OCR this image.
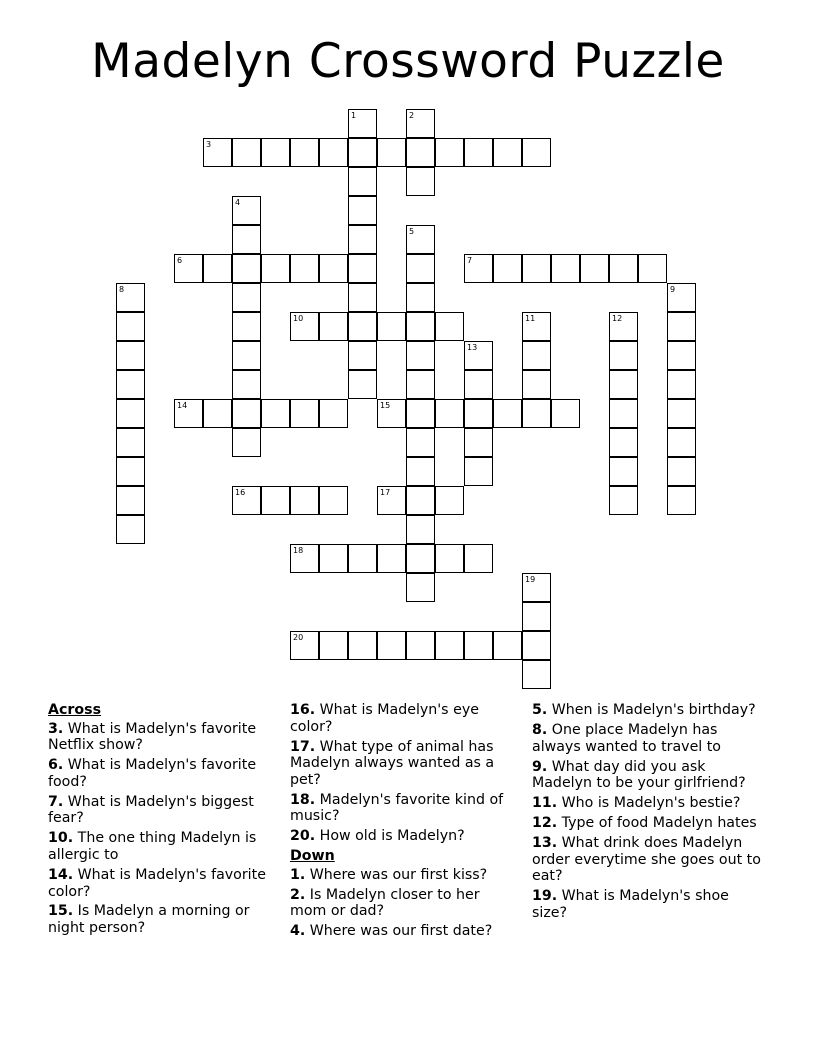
Madelyn Crossword Puzzle
1	2
3
4
5
6	7
8	9
10	11	12
13
14	15
16	17
18
19
20
Across
3. What is Madelyn's favorite Netflix show?
6. What is Madelyn's favorite food?
7. What is Madelyn's biggest fear?
10. The one thing Madelyn is allergic to
14. What is Madelyn's favorite color?
15. Is Madelyn a morning or night person?
16. What is Madelyn's eye color?
17. What type of animal has Madelyn always wanted as a pet?
18. Madelyn's favorite kind of music?
20. How old is Madelyn?
Down
1. Where was our first kiss?
2. Is Madelyn closer to her mom or dad?
4. Where was our first date?
5. When is Madelyn's birthday?
8. One place Madelyn has always wanted to travel to
9. What day did you ask Madelyn to be your girlfriend?
11. Who is Madelyn's bestie?
12. Type of food Madelyn hates
13. What drink does Madelyn order everytime she goes out to eat?
19. What is Madelyn's shoe size?
